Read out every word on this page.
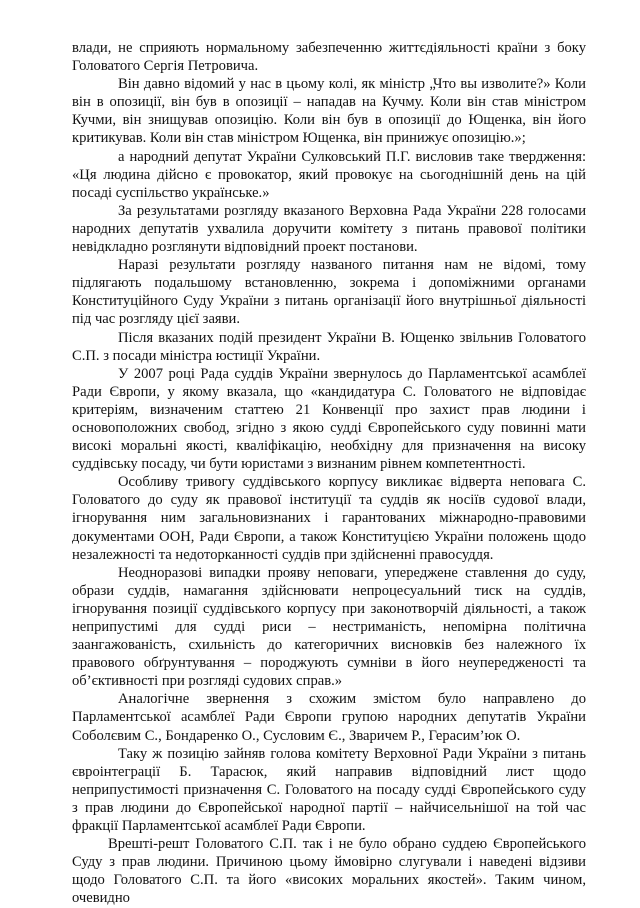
влади, не сприяють нормальному забезпеченню життєдіяльності країни з боку Головатого Сергія Петровича.

Він давно відомий у нас в цьому колі, як міністр „Что вы изволите?» Коли він в опозиції, він був в опозиції – нападав на Кучму. Коли він став міністром Кучми, він знищував опозицію. Коли він був в опозиції до Ющенка, він його критикував. Коли він став міністром Ющенка, він принижує опозицію.»;

а народний депутат України Сулковський П.Г. висловив таке твердження: «Ця людина дійсно є провокатор, який провокує на сьогоднішній день на цій посаді суспільство українське.»

За результатами розгляду вказаного Верховна Рада України 228 голосами народних депутатів ухвалила доручити комітету з питань правової політики невідкладно розглянути відповідний проект постанови.

Наразі результати розгляду названого питання нам не відомі, тому підлягають подальшому встановленню, зокрема і допоміжними органами Конституційного Суду України з питань організації його внутрішньої діяльності під час розгляду цієї заяви.

Після вказаних подій президент України В. Ющенко звільнив Головатого С.П. з посади міністра юстиції України.

У 2007 році Рада суддів України звернулось до Парламентської асамблеї Ради Європи, у якому вказала, що «кандидатура С. Головатого не відповідає критеріям, визначеним статтею 21 Конвенції про захист прав людини і основоположних свобод, згідно з якою судді Європейського суду повинні мати високі моральні якості, кваліфікацію, необхідну для призначення на високу суддівську посаду, чи бути юристами з визнаним рівнем компетентності.

Особливу тривогу суддівського корпусу викликає відверта неповага С. Головатого до суду як правової інституції та суддів як носіїв судової влади, ігнорування ним загальновизнаних і гарантованих міжнародно-правовими документами ООН, Ради Єврoпи, а також Конституцією України положень щодо незалежності та недоторканності суддів при здійсненні правосуддя.

Неоднoразові випадки прояву неповаги, упереджене ставлення до суду, образи суддів, намагання здійснювати непроцесуальний тиск на суддів, ігнорування позиції суддівського корпусу при законотворчій діяльності, а також неприпустимі для судді риси – нестриманість, непомірна політична заангажованість, схильність до категоричних висновків без належного їх правового обґрунтування – породжують сумніви в його неупередженості та об’єктивності при розгляді судових справ.»

Аналогічне звернення з схожим змістом було направлено до Парламентської асамблеї Ради Європи групою народних депутатів України Соболєвим С., Бондаренко О., Сусловим Є., Зваричем Р., Герасим’юк О.

Таку ж позицію зайняв голова комітету Верховної Ради України з питань євроінтеграції Б. Тарасюк, який направив відповідний лист щодо неприпустимості призначення С. Головатого на посаду судді Європейського суду з прав людини до Європейської народної партії – найчисельнішої на той час фракції Парламентської асамблеї Ради Європи.

Врешті-решт Головатого С.П. так і не було обрано суддею Європейського Суду з прав людини. Причиною цьому ймовірно слугували і наведені відзиви щодо Головатого С.П. та його «високих моральних якостей». Таким чином, очевидно
